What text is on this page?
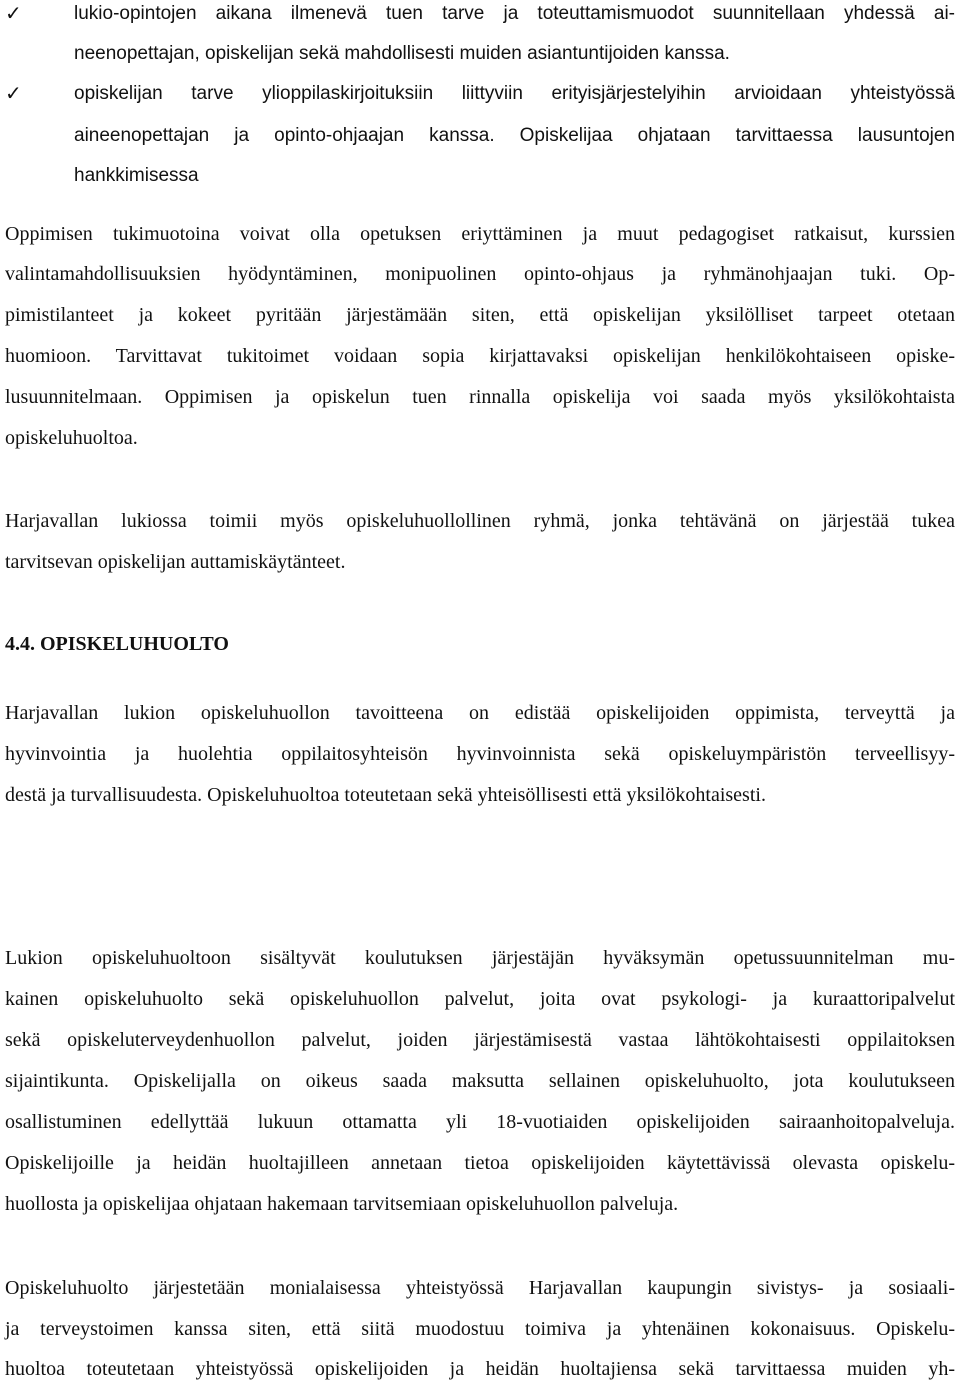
✓	lukio-opintojen aikana ilmenevä tuen tarve ja toteuttamismuodot suunnitellaan yhdessä ai-
neenopettajan, opiskelijan sekä mahdollisesti muiden asiantuntijoiden kanssa.
✓	opiskelijan tarve ylioppilaskirjoituksiin liittyviin erityisjärjestelyihin arvioidaan yhteistyössä
aineenopettajan ja opinto-ohjaajan kanssa. Opiskelijaa ohjataan tarvittaessa lausuntojen
hankkimisessa
Oppimisen tukimuotoina voivat olla opetuksen eriyttäminen ja muut pedagogiset ratkaisut, kurssien
valintamahdollisuuksien hyödyntäminen, monipuolinen opinto-ohjaus ja ryhmänohjaajan tuki. Op-
pimistilanteet ja kokeet pyritään järjestämään siten, että opiskelijan yksilölliset tarpeet otetaan
huomioon. Tarvittavat tukitoimet voidaan sopia kirjattavaksi opiskelijan henkilökohtaiseen opiske-
lusuunnitelmaan. Oppimisen ja opiskelun tuen rinnalla opiskelija voi saada myös yksilökohtaista
opiskeluhuoltoa.
Harjavallan lukiossa toimii myös opiskeluhuollollinen ryhmä, jonka tehtävänä on järjestää tukea
tarvitsevan opiskelijan auttamiskäytänteet.
4.4. OPISKELUHUOLTO
Harjavallan lukion opiskeluhuollon tavoitteena on edistää opiskelijoiden oppimista, terveyttä ja
hyvinvointia ja huolehtia oppilaitosyhteisön hyvinvoinnista sekä opiskeluympäristön terveellisyy-
destä ja turvallisuudesta. Opiskeluhuoltoa toteutetaan sekä yhteisöllisesti että yksilökohtaisesti.
Lukion opiskeluhuoltoon sisältyvät koulutuksen järjestäjän hyväksymän opetussuunnitelman mu-
kainen opiskeluhuolto sekä opiskeluhuollon palvelut, joita ovat psykologi- ja kuraattoripalvelut
sekä opiskeluterveydenhuollon palvelut, joiden järjestämisestä vastaa lähtökohtaisesti oppilaitoksen
sijaintikunta. Opiskelijalla on oikeus saada maksutta sellainen opiskeluhuolto, jota koulutukseen
osallistuminen edellyttää lukuun ottamatta yli 18-vuotiaiden opiskelijoiden sairaanhoitopalveluja.
Opiskelijoille ja heidän huoltajilleen annetaan tietoa opiskelijoiden käytettävissä olevasta opiskelu-
huollosta ja opiskelijaa ohjataan hakemaan tarvitsemiaan opiskeluhuollon palveluja.
Opiskeluhuolto järjestetään monialaisessa yhteistyössä Harjavallan kaupungin sivistys- ja sosiaali-
ja terveystoimen kanssa siten, että siitä muodostuu toimiva ja yhtenäinen kokonaisuus. Opiskelu-
huoltoa toteutetaan yhteistyössä opiskelijoiden ja heidän huoltajiensa sekä tarvittaessa muiden yh-
